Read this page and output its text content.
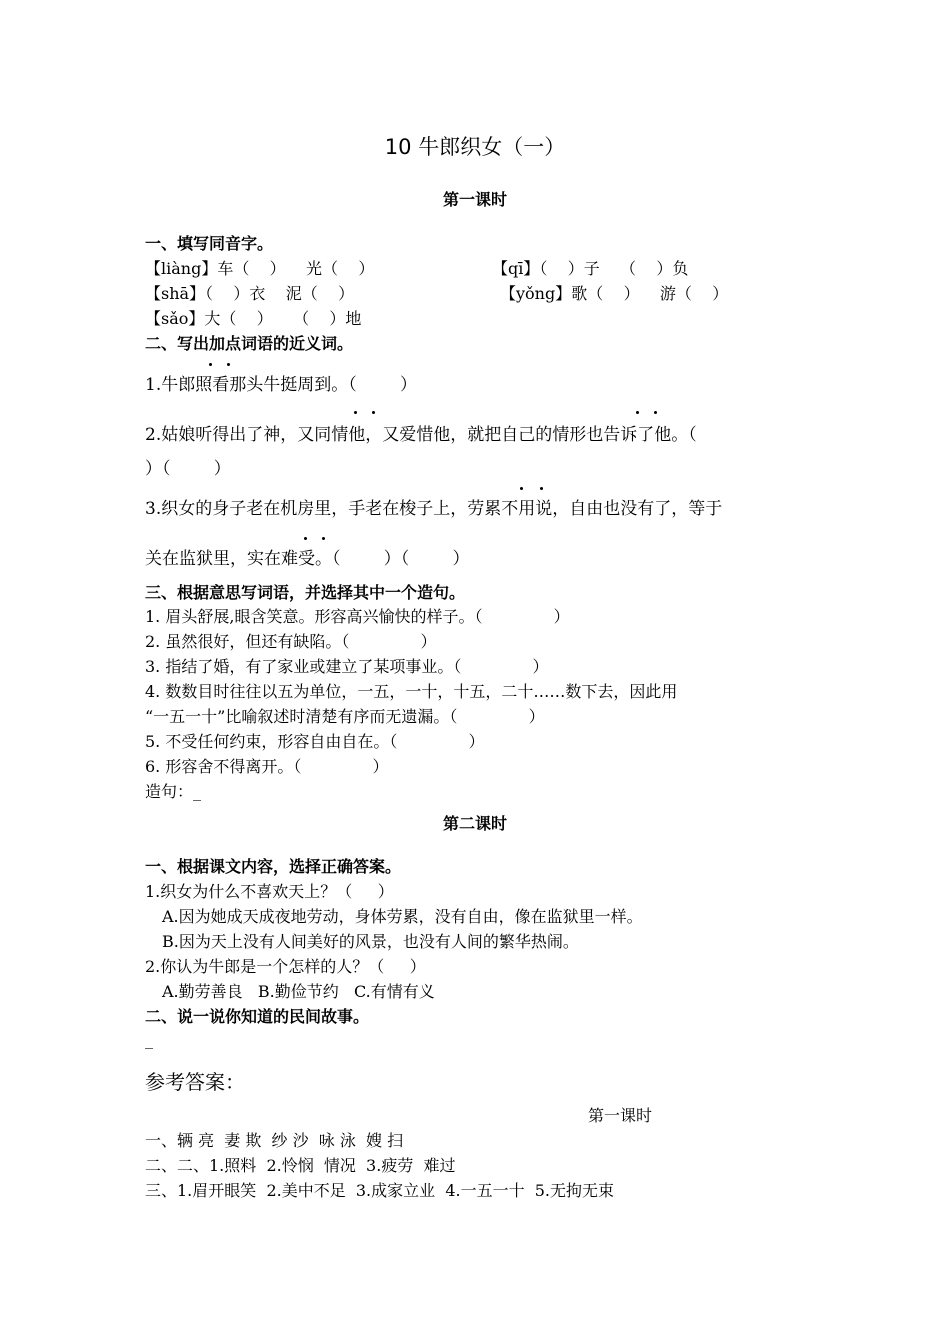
10 牛郎织女（一）
第一课时
一、填写同音字。
【liàng】车（    ）    光（    ）	【qī】（    ）子    （    ）负
【shā】（    ）衣    泥（    ）	【yǒng】歌（    ）    游（    ）
【sǎo】大（    ）    （    ）地
二、写出加点词语的近义词。
1.牛郎照看那头牛挺周到。（        ）
2.姑娘听得出了神，又同情他，又爱惜他，就把自己的情形也告诉了他。（
）（        ）
3.织女的身子老在机房里，手老在梭子上，劳累不用说，自由也没有了，等于
关在监狱里，实在难受。（        ）（        ）
三、根据意思写词语，并选择其中一个造句。
1. 眉头舒展,眼含笑意。形容高兴愉快的样子。（              ）
2. 虽然很好，但还有缺陷。（              ）
3. 指结了婚，有了家业或建立了某项事业。（              ）
4. 数数目时往往以五为单位，一五，一十，十五，二十……数下去，因此用
“一五一十”比喻叙述时清楚有序而无遗漏。（              ）
5. 不受任何约束，形容自由自在。（              ）
6. 形容舍不得离开。（              ）
造句：_
第二课时
一、根据课文内容，选择正确答案。
1.织女为什么不喜欢天上？（     ）
A.因为她成天成夜地劳动，身体劳累，没有自由，像在监狱里一样。
B.因为天上没有人间美好的风景，也没有人间的繁华热闹。
2.你认为牛郎是一个怎样的人？（     ）
A.勤劳善良   B.勤俭节约   C.有情有义
二、说一说你知道的民间故事。
_
参考答案：
第一课时
一、辆 亮  妻 欺  纱 沙  咏 泳  嫂 扫
二、二、1.照料  2.怜悯  情况  3.疲劳  难过
三、1.眉开眼笑  2.美中不足  3.成家立业  4.一五一十  5.无拘无束
